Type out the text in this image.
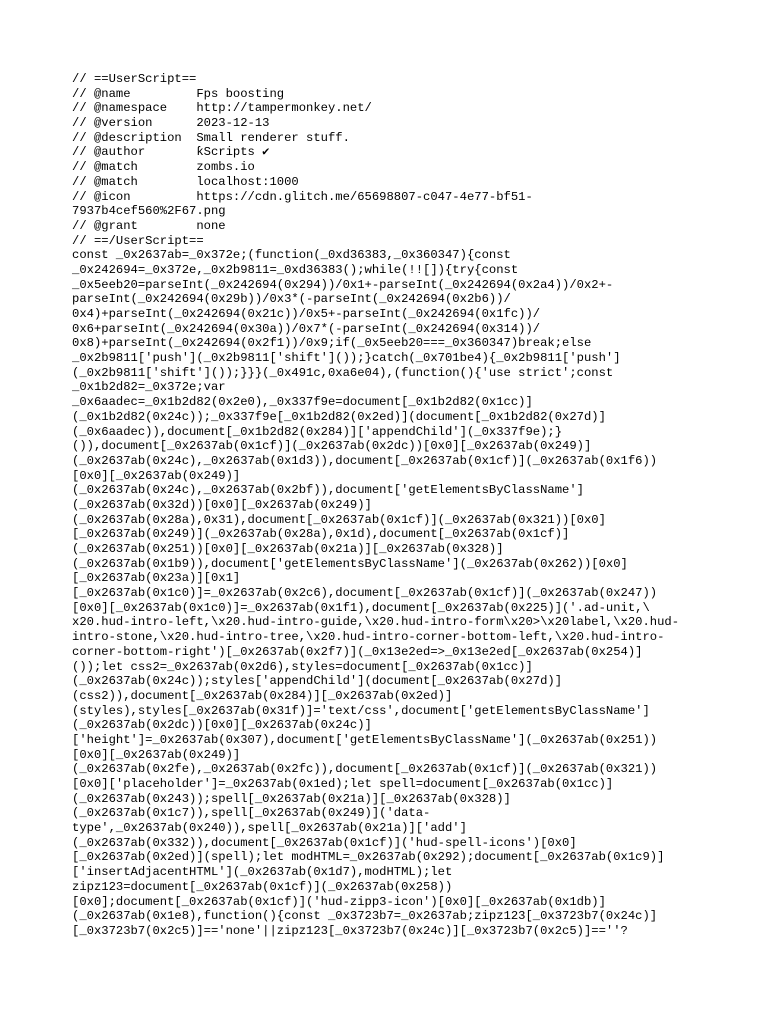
// ==UserScript==
// @name         Fps boosting
// @namespace    http://tampermonkey.net/
// @version      2023-12-13
// @description  Small renderer stuff.
// @author       ƙScripts ✔
// @match        zombs.io
// @match        localhost:1000
// @icon         https://cdn.glitch.me/65698807-c047-4e77-bf51-
7937b4cef560%2F67.png
// @grant        none
// ==/UserScript==
const _0x2637ab=_0x372e;(function(_0xd36383,_0x360347){const
_0x242694=_0x372e,_0x2b9811=_0xd36383();while(!![]){try{const
_0x5eeb20=parseInt(_0x242694(0x294))/0x1+-parseInt(_0x242694(0x2a4))/0x2+-
parseInt(_0x242694(0x29b))/0x3*(-parseInt(_0x242694(0x2b6))/
0x4)+parseInt(_0x242694(0x21c))/0x5+-parseInt(_0x242694(0x1fc))/
0x6+parseInt(_0x242694(0x30a))/0x7*(-parseInt(_0x242694(0x314))/
0x8)+parseInt(_0x242694(0x2f1))/0x9;if(_0x5eeb20===_0x360347)break;else
_0x2b9811['push'](_0x2b9811['shift']());}catch(_0x701be4){_0x2b9811['push']
(_0x2b9811['shift']());}}}(_0x491c,0xa6e04),(function(){'use strict';const
_0x1b2d82=_0x372e;var
_0x6aadec=_0x1b2d82(0x2e0),_0x337f9e=document[_0x1b2d82(0x1cc)]
(_0x1b2d82(0x24c));_0x337f9e[_0x1b2d82(0x2ed)](document[_0x1b2d82(0x27d)]
(_0x6aadec)),document[_0x1b2d82(0x284)]['appendChild'](_0x337f9e);}
()),document[_0x2637ab(0x1cf)](_0x2637ab(0x2dc))[0x0][_0x2637ab(0x249)]
(_0x2637ab(0x24c),_0x2637ab(0x1d3)),document[_0x2637ab(0x1cf)](_0x2637ab(0x1f6))
[0x0][_0x2637ab(0x249)]
(_0x2637ab(0x24c),_0x2637ab(0x2bf)),document['getElementsByClassName']
(_0x2637ab(0x32d))[0x0][_0x2637ab(0x249)]
(_0x2637ab(0x28a),0x31),document[_0x2637ab(0x1cf)](_0x2637ab(0x321))[0x0]
[_0x2637ab(0x249)](_0x2637ab(0x28a),0x1d),document[_0x2637ab(0x1cf)]
(_0x2637ab(0x251))[0x0][_0x2637ab(0x21a)][_0x2637ab(0x328)]
(_0x2637ab(0x1b9)),document['getElementsByClassName'](_0x2637ab(0x262))[0x0]
[_0x2637ab(0x23a)][0x1]
[_0x2637ab(0x1c0)]=_0x2637ab(0x2c6),document[_0x2637ab(0x1cf)](_0x2637ab(0x247))
[0x0][_0x2637ab(0x1c0)]=_0x2637ab(0x1f1),document[_0x2637ab(0x225)]('.ad-unit,\
x20.hud-intro-left,\x20.hud-intro-guide,\x20.hud-intro-form\x20>\x20label,\x20.hud-
intro-stone,\x20.hud-intro-tree,\x20.hud-intro-corner-bottom-left,\x20.hud-intro-
corner-bottom-right')[_0x2637ab(0x2f7)](_0x13e2ed=>_0x13e2ed[_0x2637ab(0x254)]
());let css2=_0x2637ab(0x2d6),styles=document[_0x2637ab(0x1cc)]
(_0x2637ab(0x24c));styles['appendChild'](document[_0x2637ab(0x27d)]
(css2)),document[_0x2637ab(0x284)][_0x2637ab(0x2ed)]
(styles),styles[_0x2637ab(0x31f)]='text/css',document['getElementsByClassName']
(_0x2637ab(0x2dc))[0x0][_0x2637ab(0x24c)]
['height']=_0x2637ab(0x307),document['getElementsByClassName'](_0x2637ab(0x251))
[0x0][_0x2637ab(0x249)]
(_0x2637ab(0x2fe),_0x2637ab(0x2fc)),document[_0x2637ab(0x1cf)](_0x2637ab(0x321))
[0x0]['placeholder']=_0x2637ab(0x1ed);let spell=document[_0x2637ab(0x1cc)]
(_0x2637ab(0x243));spell[_0x2637ab(0x21a)][_0x2637ab(0x328)]
(_0x2637ab(0x1c7)),spell[_0x2637ab(0x249)]('data-
type',_0x2637ab(0x240)),spell[_0x2637ab(0x21a)]['add']
(_0x2637ab(0x332)),document[_0x2637ab(0x1cf)]('hud-spell-icons')[0x0]
[_0x2637ab(0x2ed)](spell);let modHTML=_0x2637ab(0x292);document[_0x2637ab(0x1c9)]
['insertAdjacentHTML'](_0x2637ab(0x1d7),modHTML);let
zipz123=document[_0x2637ab(0x1cf)](_0x2637ab(0x258))
[0x0];document[_0x2637ab(0x1cf)]('hud-zipp3-icon')[0x0][_0x2637ab(0x1db)]
(_0x2637ab(0x1e8),function(){const _0x3723b7=_0x2637ab;zipz123[_0x3723b7(0x24c)]
[_0x3723b7(0x2c5)]=='none'||zipz123[_0x3723b7(0x24c)][_0x3723b7(0x2c5)]==''?
